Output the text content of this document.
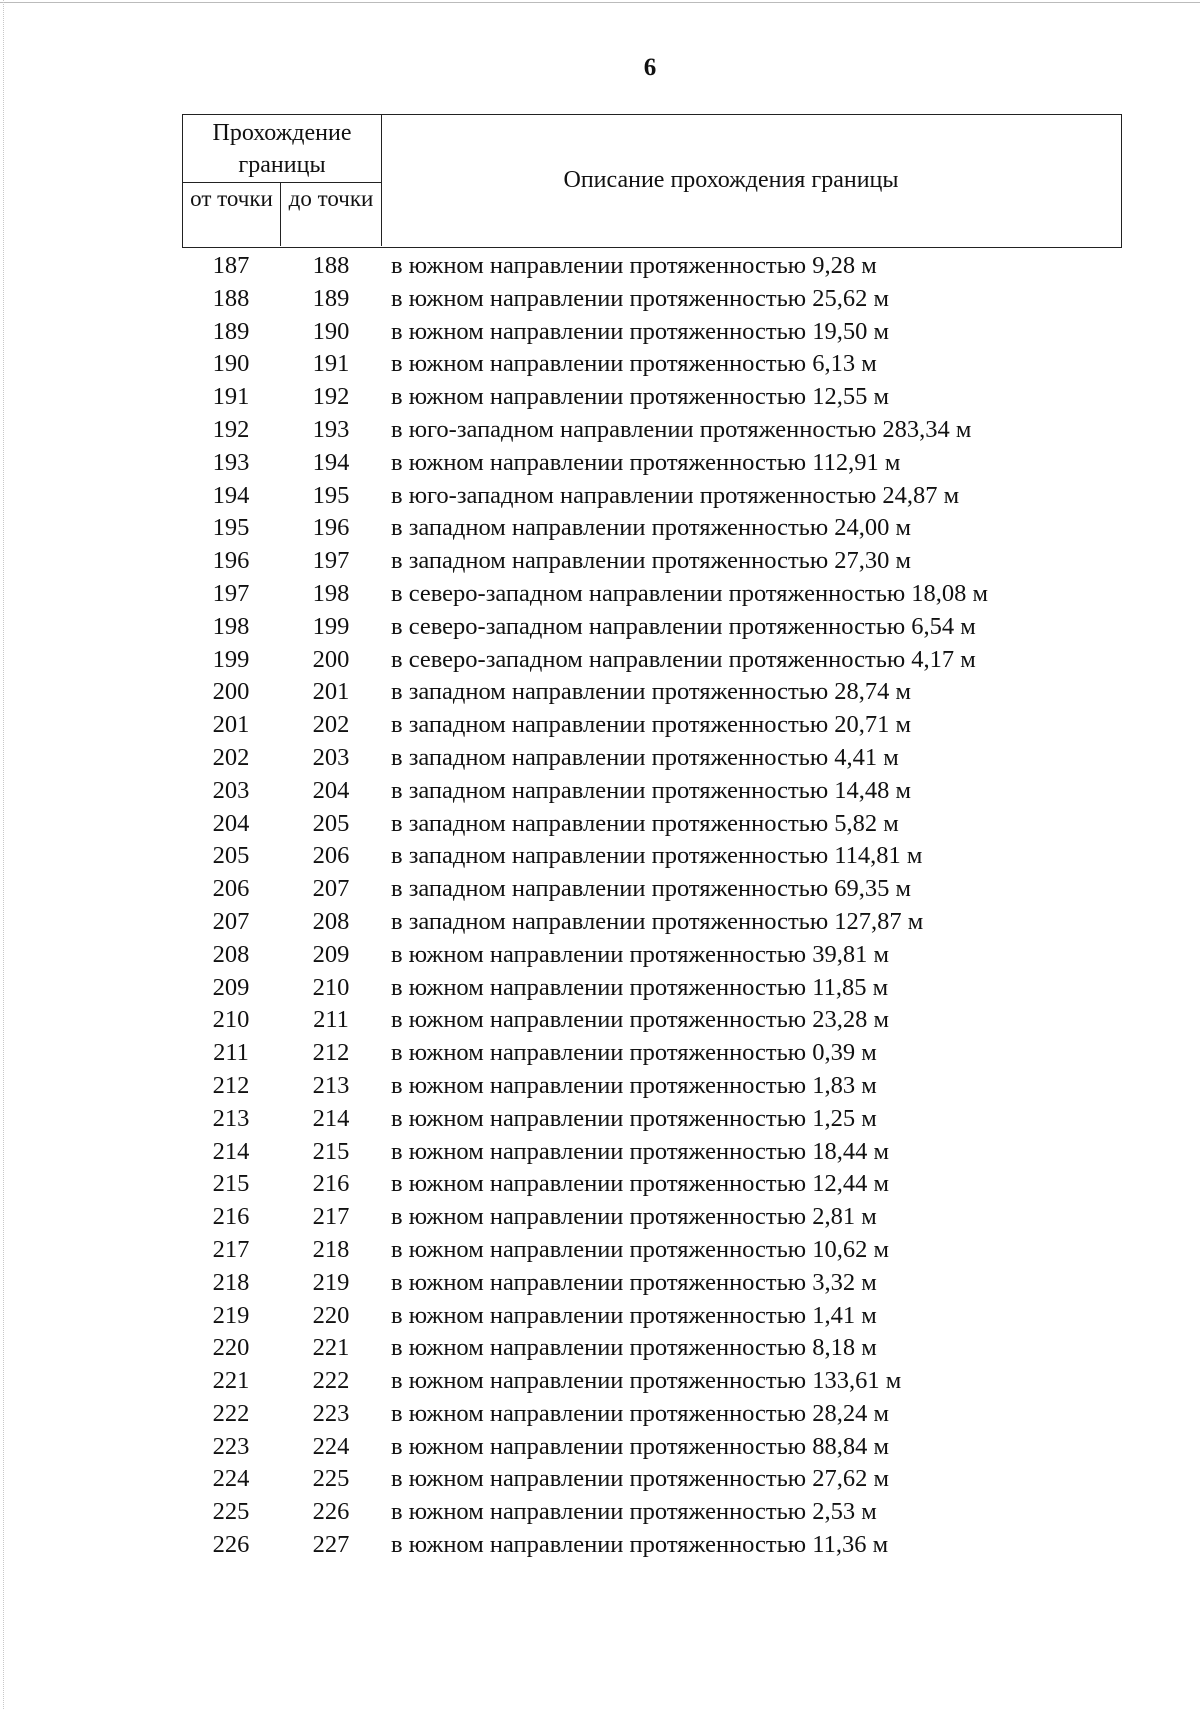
6
Прохождение границы
от точки до точки
Описание прохождения границы
187	188	в южном направлении протяженностью 9,28 м
188	189	в южном направлении протяженностью 25,62 м
189	190	в южном направлении протяженностью 19,50 м
190	191	в южном направлении протяженностью 6,13 м
191	192	в южном направлении протяженностью 12,55 м
192	193	в юго-западном направлении протяженностью 283,34 м
193	194	в южном направлении протяженностью 112,91 м
194	195	в юго-западном направлении протяженностью 24,87 м
195	196	в западном направлении протяженностью 24,00 м
196	197	в западном направлении протяженностью 27,30 м
197	198	в северо-западном направлении протяженностью 18,08 м
198	199	в северо-западном направлении протяженностью 6,54 м
199	200	в северо-западном направлении протяженностью 4,17 м
200	201	в западном направлении протяженностью 28,74 м
201	202	в западном направлении протяженностью 20,71 м
202	203	в западном направлении протяженностью 4,41 м
203	204	в западном направлении протяженностью 14,48 м
204	205	в западном направлении протяженностью 5,82 м
205	206	в западном направлении протяженностью 114,81 м
206	207	в западном направлении протяженностью 69,35 м
207	208	в западном направлении протяженностью 127,87 м
208	209	в южном направлении протяженностью 39,81 м
209	210	в южном направлении протяженностью 11,85 м
210	211	в южном направлении протяженностью 23,28 м
211	212	в южном направлении протяженностью 0,39 м
212	213	в южном направлении протяженностью 1,83 м
213	214	в южном направлении протяженностью 1,25 м
214	215	в южном направлении протяженностью 18,44 м
215	216	в южном направлении протяженностью 12,44 м
216	217	в южном направлении протяженностью 2,81 м
217	218	в южном направлении протяженностью 10,62 м
218	219	в южном направлении протяженностью 3,32 м
219	220	в южном направлении протяженностью 1,41 м
220	221	в южном направлении протяженностью 8,18 м
221	222	в южном направлении протяженностью 133,61 м
222	223	в южном направлении протяженностью 28,24 м
223	224	в южном направлении протяженностью 88,84 м
224	225	в южном направлении протяженностью 27,62 м
225	226	в южном направлении протяженностью 2,53 м
226	227	в южном направлении протяженностью 11,36 м
